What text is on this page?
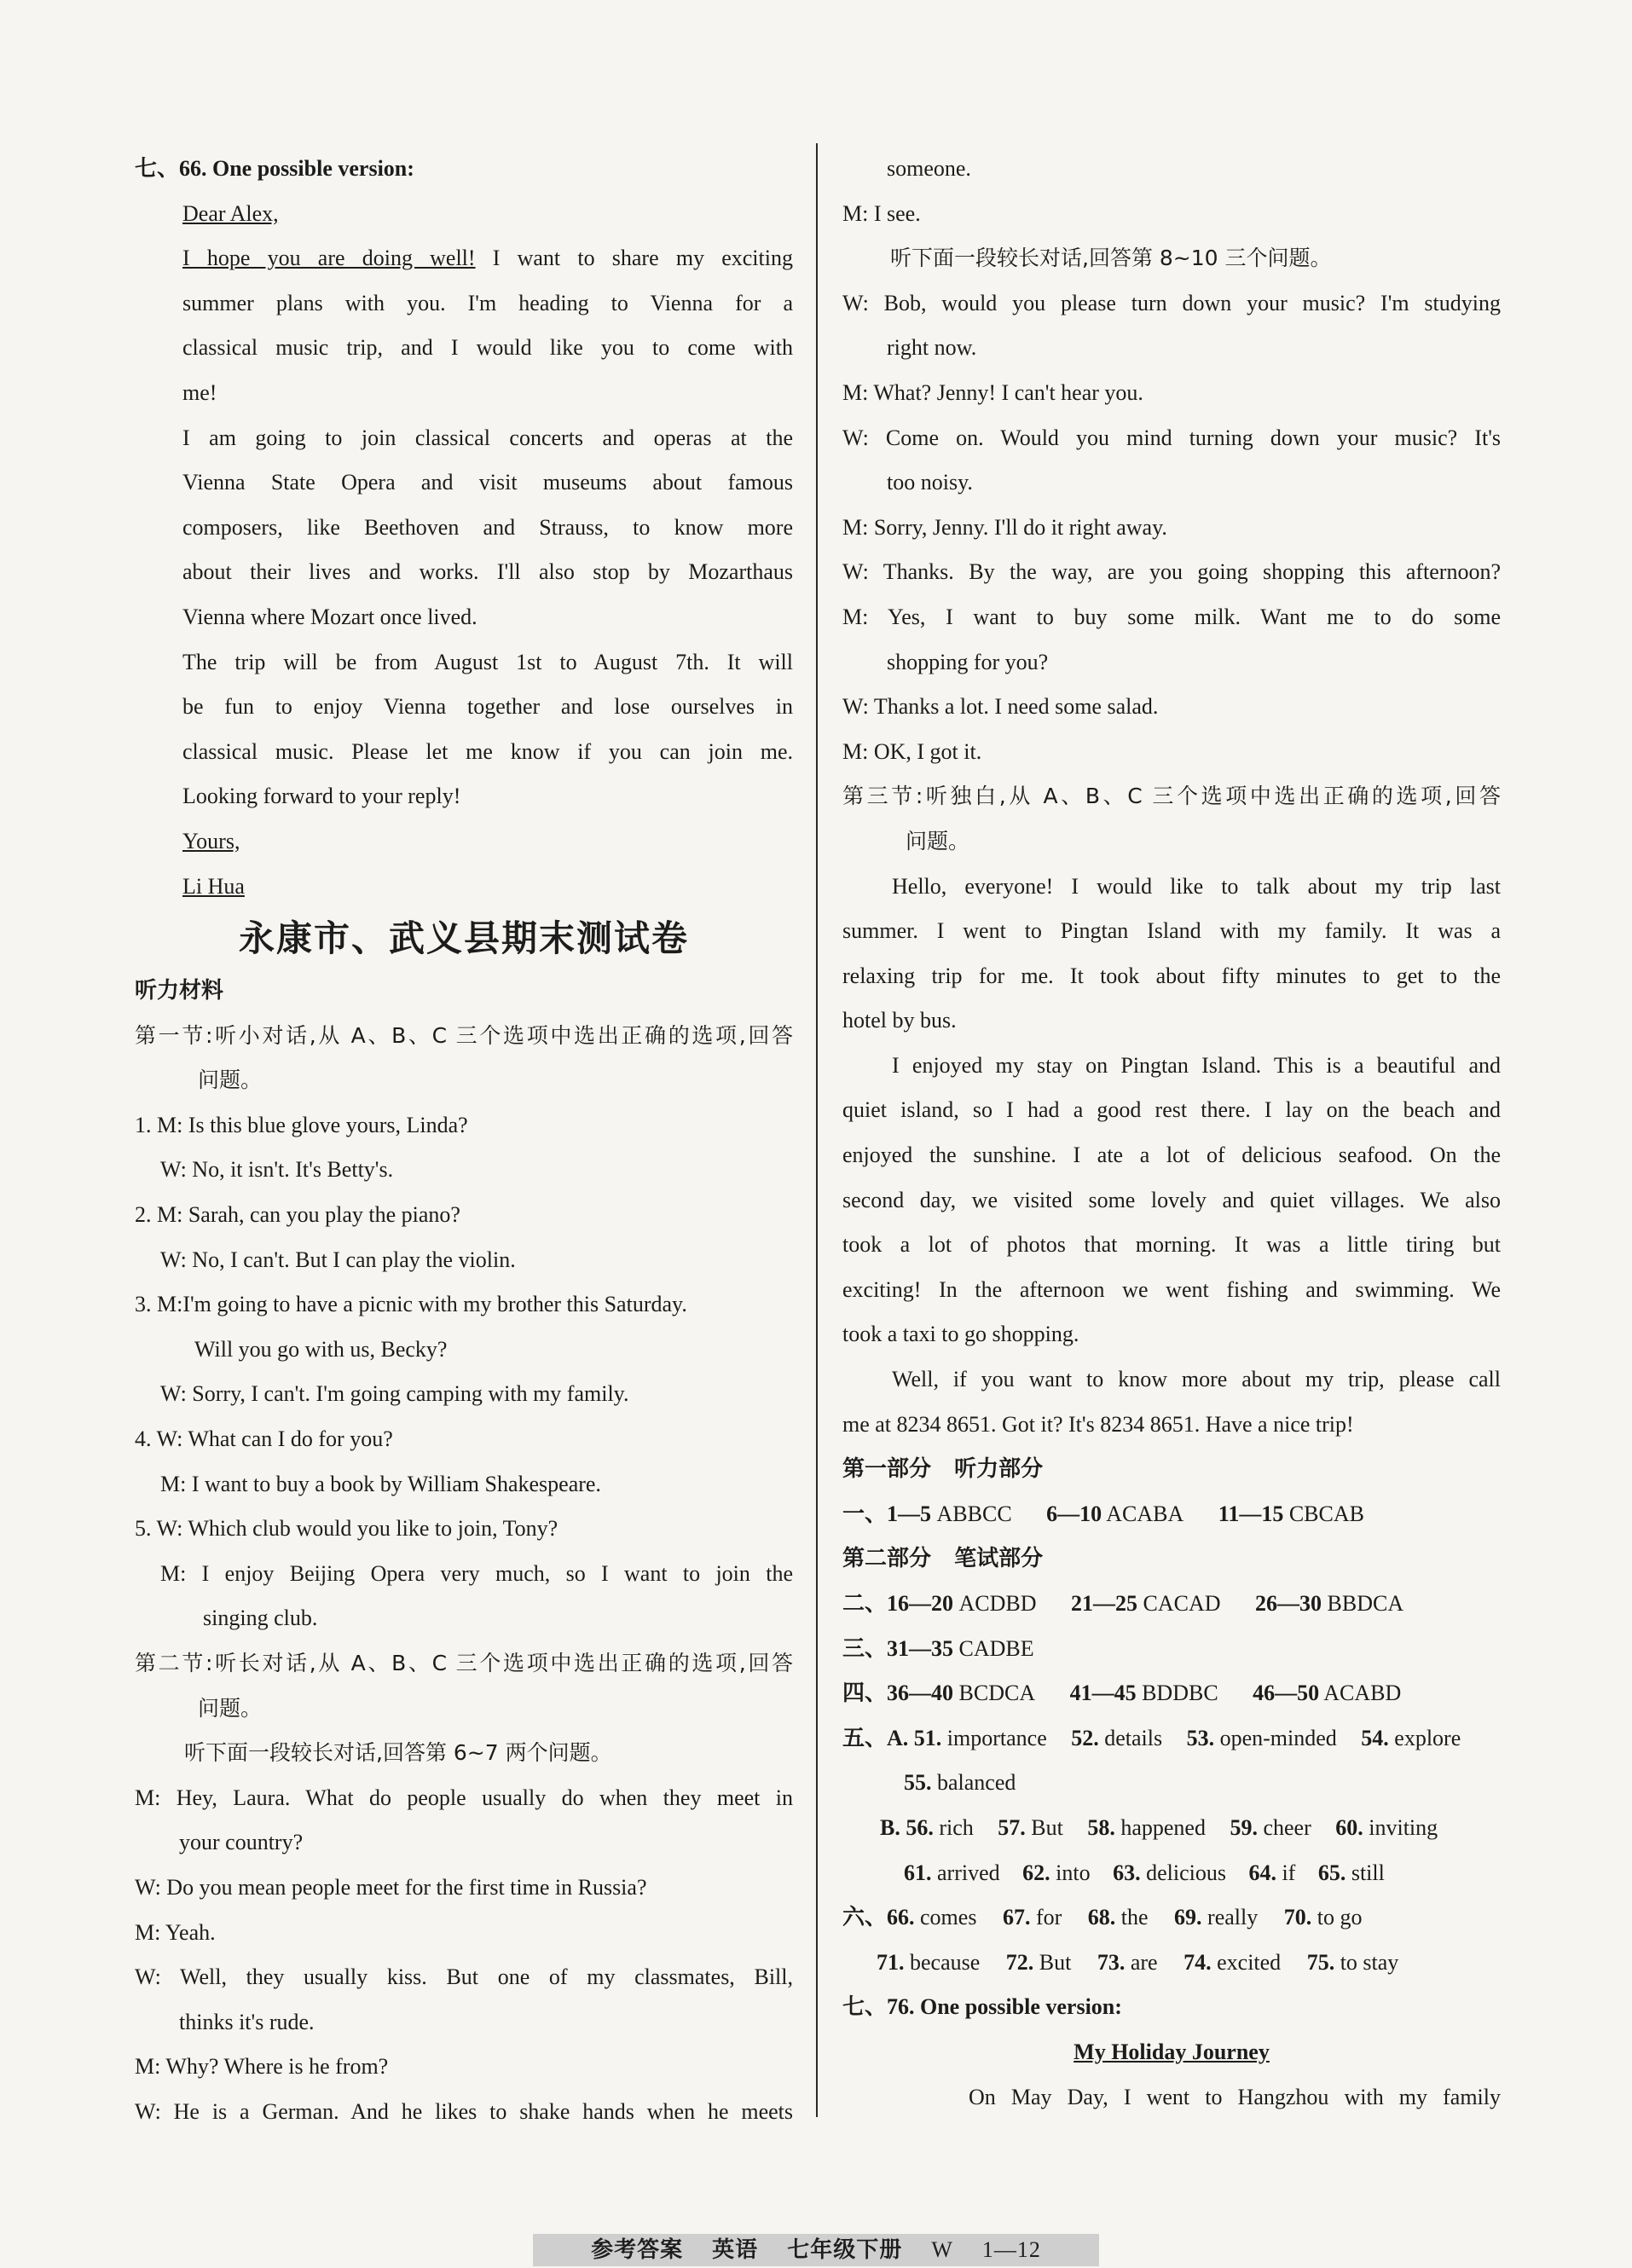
七、66. One possible version:
Dear Alex,
I hope you are doing well! I want to share my exciting
summer plans with you. I'm heading to Vienna for a
classical music trip, and I would like you to come with
me!
I am going to join classical concerts and operas at the
Vienna State Opera and visit museums about famous
composers, like Beethoven and Strauss, to know more
about their lives and works. I'll also stop by Mozarthaus
Vienna where Mozart once lived.
The trip will be from August 1st to August 7th. It will
be fun to enjoy Vienna together and lose ourselves in
classical music. Please let me know if you can join me.
Looking forward to your reply!
Yours,
Li Hua
永康市、武义县期末测试卷
听力材料
第一节:听小对话,从 A、B、C 三个选项中选出正确的选项,回答
问题。
1. M: Is this blue glove yours, Linda?
W: No, it isn't. It's Betty's.
2. M: Sarah, can you play the piano?
W: No, I can't. But I can play the violin.
3. M:I'm going to have a picnic with my brother this Saturday.
Will you go with us, Becky?
W: Sorry, I can't. I'm going camping with my family.
4. W: What can I do for you?
M: I want to buy a book by William Shakespeare.
5. W: Which club would you like to join, Tony?
M: I enjoy Beijing Opera very much, so I want to join the
singing club.
第二节:听长对话,从 A、B、C 三个选项中选出正确的选项,回答
问题。
听下面一段较长对话,回答第 6~7 两个问题。
M: Hey, Laura. What do people usually do when they meet in
your country?
W: Do you mean people meet for the first time in Russia?
M: Yeah.
W: Well, they usually kiss. But one of my classmates, Bill,
thinks it's rude.
M: Why? Where is he from?
W: He is a German. And he likes to shake hands when he meets
someone.
M: I see.
听下面一段较长对话,回答第 8~10 三个问题。
W: Bob, would you please turn down your music? I'm studying
right now.
M: What? Jenny! I can't hear you.
W: Come on. Would you mind turning down your music? It's
too noisy.
M: Sorry, Jenny. I'll do it right away.
W: Thanks. By the way, are you going shopping this afternoon?
M: Yes, I want to buy some milk. Want me to do some
shopping for you?
W: Thanks a lot. I need some salad.
M: OK, I got it.
第三节:听独白,从 A、B、C 三个选项中选出正确的选项,回答
问题。
Hello, everyone! I would like to talk about my trip last
summer. I went to Pingtan Island with my family. It was a
relaxing trip for me. It took about fifty minutes to get to the
hotel by bus.
I enjoyed my stay on Pingtan Island. This is a beautiful and
quiet island, so I had a good rest there. I lay on the beach and
enjoyed the sunshine. I ate a lot of delicious seafood. On the
second day, we visited some lovely and quiet villages. We also
took a lot of photos that morning. It was a little tiring but
exciting! In the afternoon we went fishing and swimming. We
took a taxi to go shopping.
Well, if you want to know more about my trip, please call
me at 8234 8651. Got it? It's 8234 8651. Have a nice trip!
第一部分   听力部分
一、1—5 ABBCC 6—10 ACABA 11—15 CBCAB
第二部分   笔试部分
二、16—20 ACDBD 21—25 CACAD 26—30 BBDCA
三、31—35 CADBE
四、36—40 BCDCA 41—45 BDDBC 46—50 ACABD
五、A. 51. importance 52. details 53. open-minded 54. explore
55. balanced
B. 56. rich 57. But 58. happened 59. cheer 60. inviting
61. arrived 62. into 63. delicious 64. if 65. still
六、66. comes 67. for 68. the 69. really 70. to go
71. because 72. But 73. are 74. excited 75. to stay
七、76. One possible version:
My Holiday Journey
On May Day, I went to Hangzhou with my family
参考答案 英语 七年级下册 W 1—12
